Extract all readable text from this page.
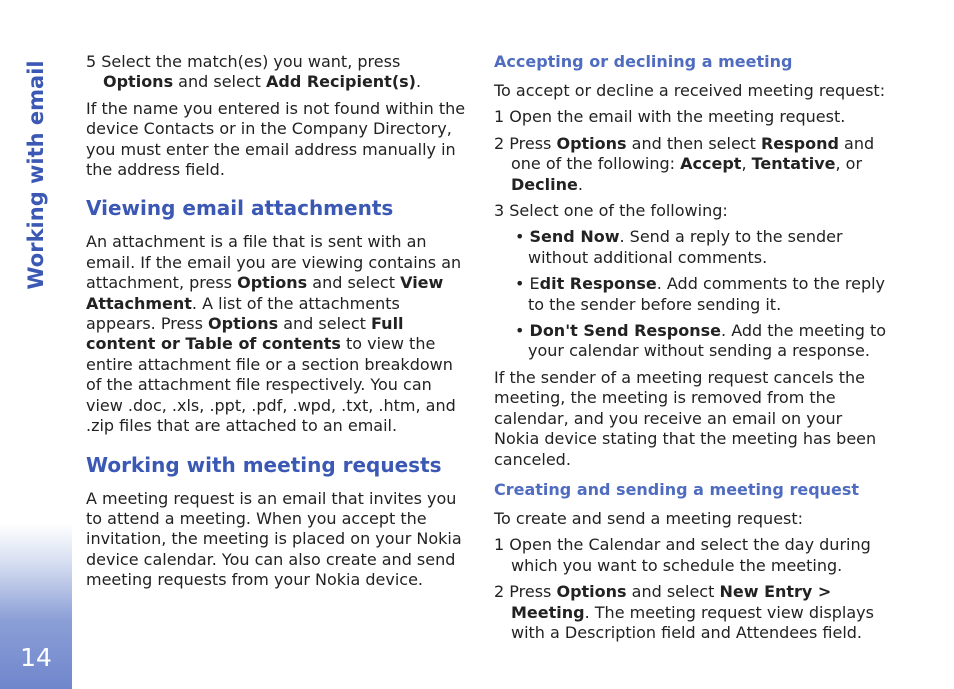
Working with email
14

5 Select the match(es) you want, press Options and select Add Recipient(s).

If the name you entered is not found within the device Contacts or in the Company Directory, you must enter the email address manually in the address field.

Viewing email attachments

An attachment is a file that is sent with an email. If the email you are viewing contains an attachment, press Options and select View Attachment. A list of the attachments appears. Press Options and select Full content or Table of contents to view the entire attachment file or a section breakdown of the attachment file respectively. You can view .doc, .xls, .ppt, .pdf, .wpd, .txt, .htm, and .zip files that are attached to an email.

Working with meeting requests

A meeting request is an email that invites you to attend a meeting. When you accept the invitation, the meeting is placed on your Nokia device calendar. You can also create and send meeting requests from your Nokia device.

Accepting or declining a meeting

To accept or decline a received meeting request:

1 Open the email with the meeting request.

2 Press Options and then select Respond and one of the following: Accept, Tentative, or Decline.

3 Select one of the following:

• Send Now. Send a reply to the sender without additional comments.

• Edit Response. Add comments to the reply to the sender before sending it.

• Don't Send Response. Add the meeting to your calendar without sending a response.

If the sender of a meeting request cancels the meeting, the meeting is removed from the calendar, and you receive an email on your Nokia device stating that the meeting has been canceled.

Creating and sending a meeting request

To create and send a meeting request:

1 Open the Calendar and select the day during which you want to schedule the meeting.

2 Press Options and select New Entry > Meeting. The meeting request view displays with a Description field and Attendees field.
